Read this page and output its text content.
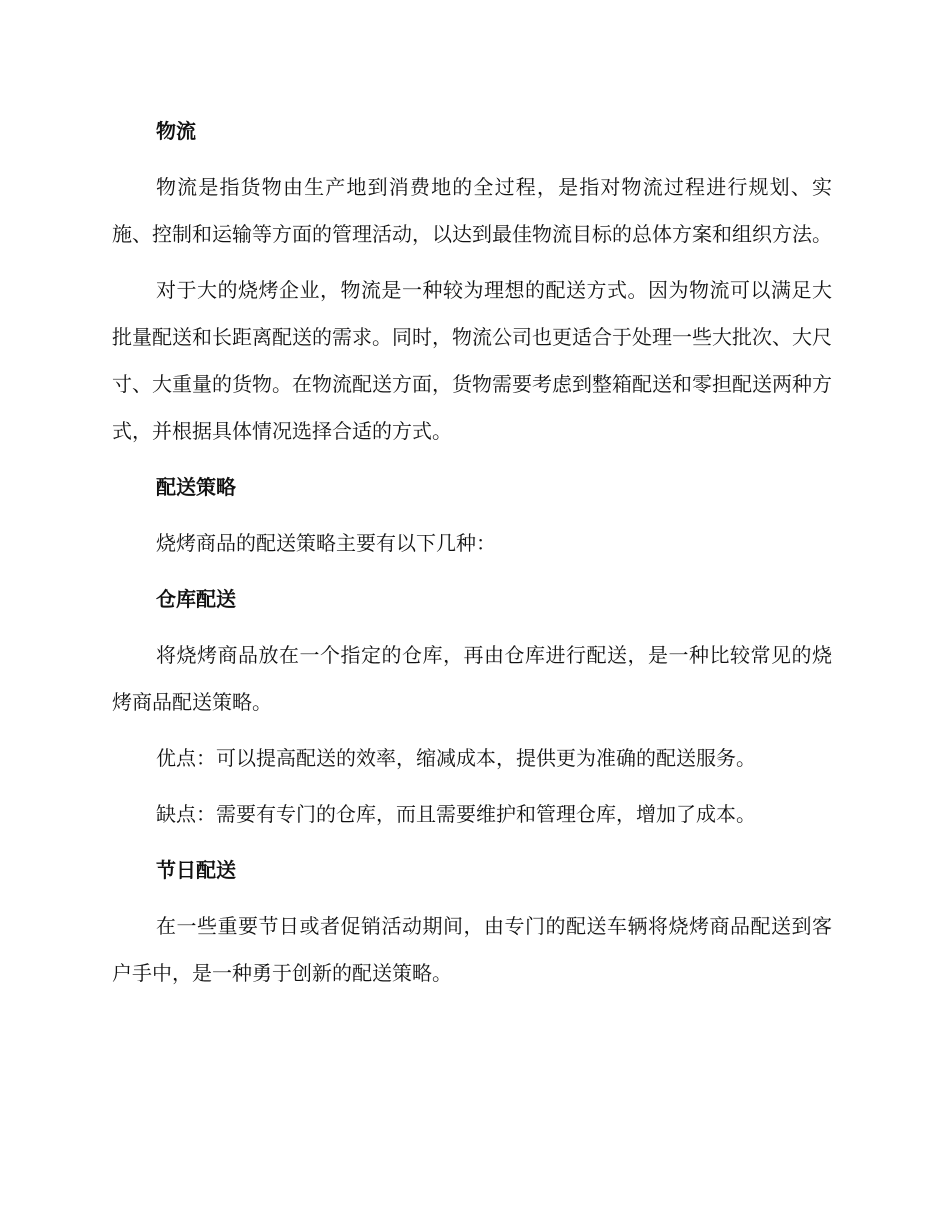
物流
物流是指货物由生产地到消费地的全过程，是指对物流过程进行规划、实施、控制和运输等方面的管理活动，以达到最佳物流目标的总体方案和组织方法。
对于大的烧烤企业，物流是一种较为理想的配送方式。因为物流可以满足大批量配送和长距离配送的需求。同时，物流公司也更适合于处理一些大批次、大尺寸、大重量的货物。在物流配送方面，货物需要考虑到整箱配送和零担配送两种方式，并根据具体情况选择合适的方式。
配送策略
烧烤商品的配送策略主要有以下几种：
仓库配送
将烧烤商品放在一个指定的仓库，再由仓库进行配送，是一种比较常见的烧烤商品配送策略。
优点：可以提高配送的效率，缩减成本，提供更为准确的配送服务。
缺点：需要有专门的仓库，而且需要维护和管理仓库，增加了成本。
节日配送
在一些重要节日或者促销活动期间，由专门的配送车辆将烧烤商品配送到客户手中，是一种勇于创新的配送策略。
